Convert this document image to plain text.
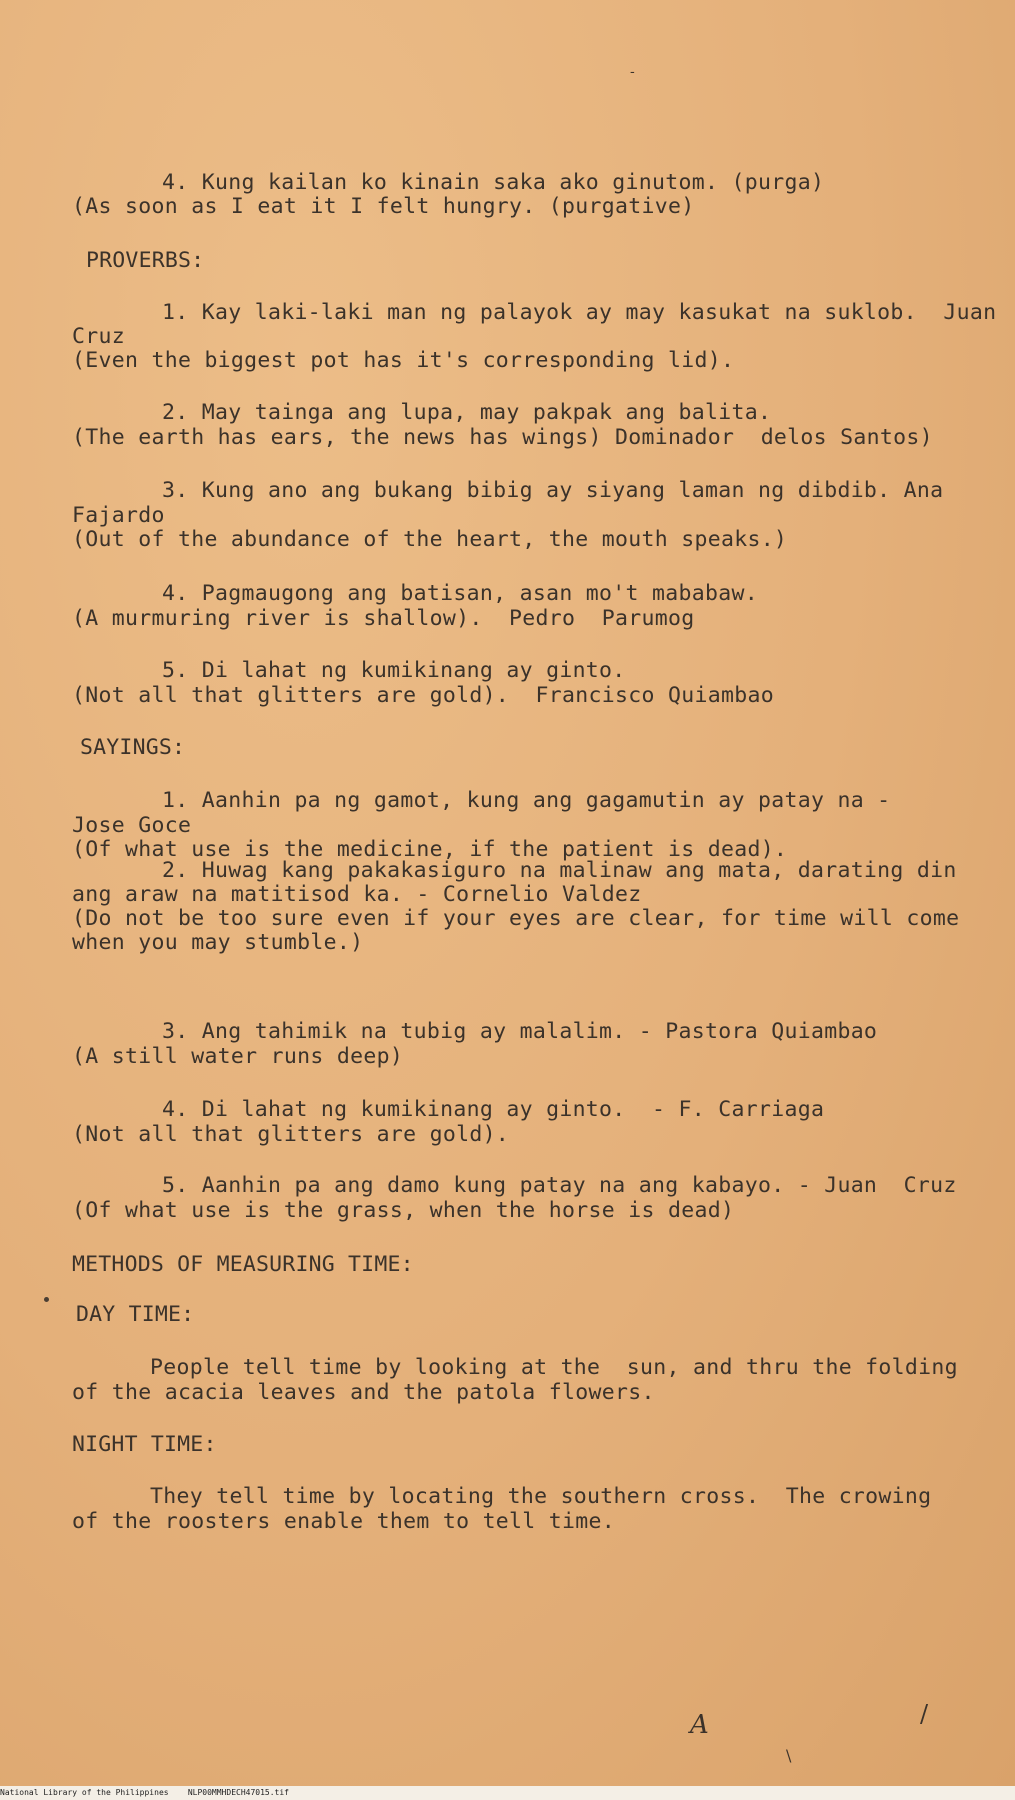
4. Kung kailan ko kinain saka ako ginutom. (purga)
(As soon as I eat it I felt hungry. (purgative)
PROVERBS:
1. Kay laki-laki man ng palayok ay may kasukat na suklob.  Juan
Cruz
(Even the biggest pot has it's corresponding lid).
2. May tainga ang lupa, may pakpak ang balita.
(The earth has ears, the news has wings) Dominador  delos Santos)
3. Kung ano ang bukang bibig ay siyang laman ng dibdib. Ana
Fajardo
(Out of the abundance of the heart, the mouth speaks.)
4. Pagmaugong ang batisan, asan mo't mababaw.
(A murmuring river is shallow).  Pedro  Parumog
5. Di lahat ng kumikinang ay ginto.
(Not all that glitters are gold).  Francisco Quiambao
SAYINGS:
1. Aanhin pa ng gamot, kung ang gagamutin ay patay na -
Jose Goce
(Of what use is the medicine, if the patient is dead).
2. Huwag kang pakakasiguro na malinaw ang mata, darating din
ang araw na matitisod ka. - Cornelio Valdez
(Do not be too sure even if your eyes are clear, for time will come
when you may stumble.)
3. Ang tahimik na tubig ay malalim. - Pastora Quiambao
(A still water runs deep)
4. Di lahat ng kumikinang ay ginto.  - F. Carriaga
(Not all that glitters are gold).
5. Aanhin pa ang damo kung patay na ang kabayo. - Juan  Cruz
(Of what use is the grass, when the horse is dead)
METHODS OF MEASURING TIME:
DAY TIME:
People tell time by looking at the  sun, and thru the folding
of the acacia leaves and the patola flowers.
NIGHT TIME:
They tell time by locating the southern cross.  The crowing
of the roosters enable them to tell time.
A	/
\
-
National Library of the Philippines NLP00MMHDECH47015.tif
